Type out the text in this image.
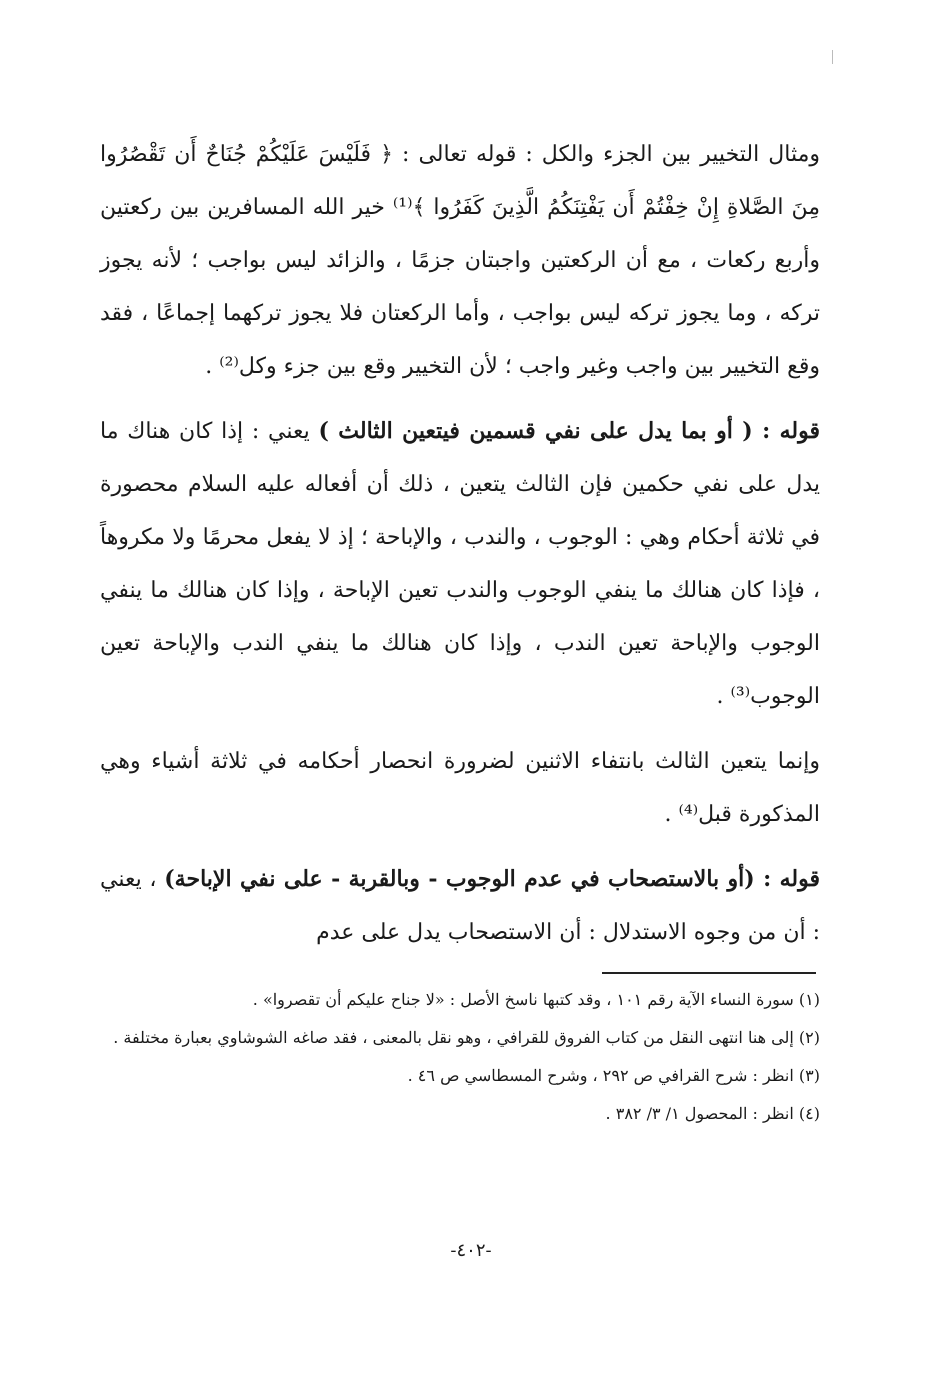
ومثال التخيير بين الجزء والكل : قوله تعالى : ﴿ فَلَيْسَ عَلَيْكُمْ جُنَاحٌ أَن تَقْصُرُوا مِنَ الصَّلاةِ إِنْ خِفْتُمْ أَن يَفْتِنَكُمُ الَّذِينَ كَفَرُوا ﴾⁽¹⁾ خير الله المسافرين بين ركعتين وأربع ركعات ، مع أن الركعتين واجبتان جزمًا ، والزائد ليس بواجب ؛ لأنه يجوز تركه ، وما يجوز تركه ليس بواجب ، وأما الركعتان فلا يجوز تركهما إجماعًا ، فقد وقع التخيير بين واجب وغير واجب ؛ لأن التخيير وقع بين جزء وكل⁽²⁾ .

قوله : ( أو بما يدل على نفي قسمين فيتعين الثالث ) يعني : إذا كان هناك ما يدل على نفي حكمين فإن الثالث يتعين ، ذلك أن أفعاله عليه السلام محصورة في ثلاثة أحكام وهي : الوجوب ، والندب ، والإباحة ؛ إذ لا يفعل محرمًا ولا مكروهاً ، فإذا كان هنالك ما ينفي الوجوب والندب تعين الإباحة ، وإذا كان هنالك ما ينفي الوجوب والإباحة تعين الندب ، وإذا كان هنالك ما ينفي الندب والإباحة تعين الوجوب⁽³⁾ .

وإنما يتعين الثالث بانتفاء الاثنين لضرورة انحصار أحكامه في ثلاثة أشياء وهي المذكورة قبل⁽⁴⁾ .

قوله : (أو بالاستصحاب في عدم الوجوب - وبالقربة - على نفي الإباحة) ، يعني : أن من وجوه الاستدلال : أن الاستصحاب يدل على عدم

(١) سورة النساء الآية رقم ١٠١ ، وقد كتبها ناسخ الأصل : «لا جناح عليكم أن تقصروا» .

(٢) إلى هنا انتهى النقل من كتاب الفروق للقرافي ، وهو نقل بالمعنى ، فقد صاغه الشوشاوي بعبارة مختلفة .

(٣) انظر : شرح القرافي ص ٢٩٢ ، وشرح المسطاسي ص ٤٦ .

(٤) انظر : المحصول ١/ ٣/ ٣٨٢ .

-٤٠٢-
